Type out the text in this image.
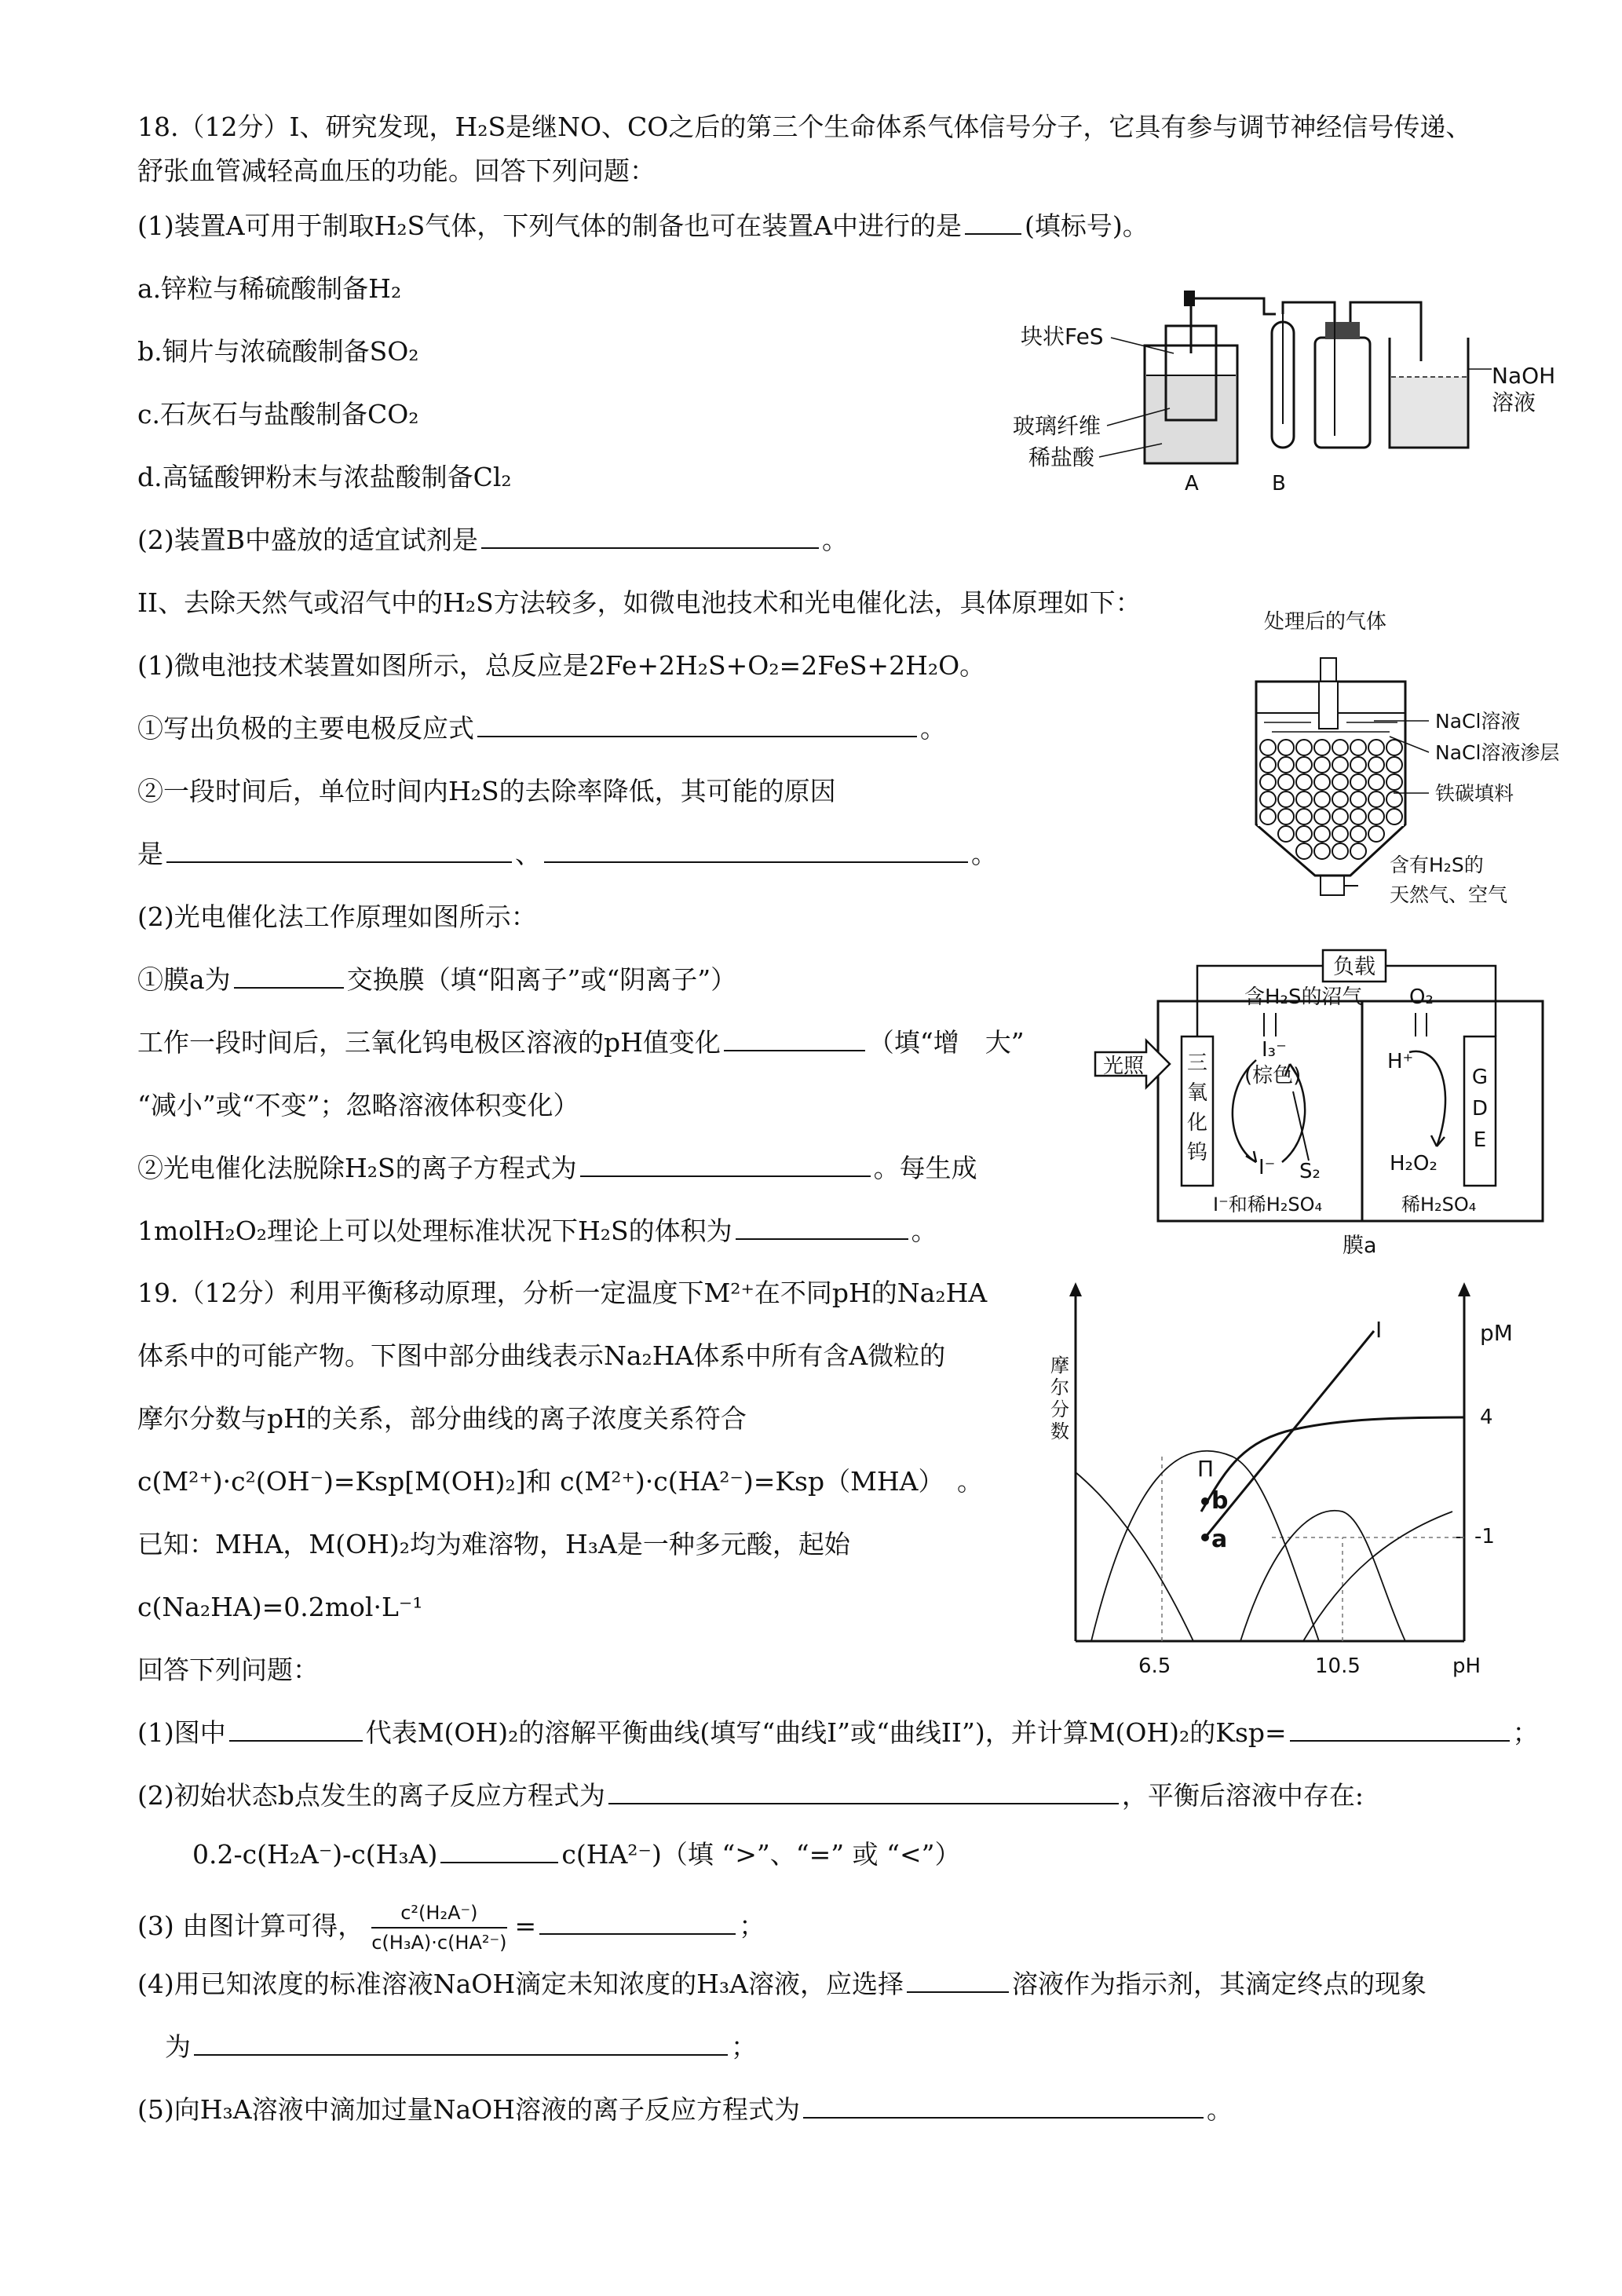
18.（12分）Ⅰ、研究发现，H₂S是继NO、CO之后的第三个生命体系气体信号分子，它具有参与调节神经信号传递、
舒张血管减轻高血压的功能。回答下列问题：
(1)装置A可用于制取H₂S气体，下列气体的制备也可在装置A中进行的是 (填标号)。
a.锌粒与稀硫酸制备H₂
b.铜片与浓硫酸制备SO₂
c.石灰石与盐酸制备CO₂
d.高锰酸钾粉末与浓盐酸制备Cl₂
(2)装置B中盛放的适宜试剂是	。
II、去除天然气或沼气中的H₂S方法较多，如微电池技术和光电催化法，具体原理如下：
(1)微电池技术装置如图所示，总反应是2Fe+2H₂S+O₂=2FeS+2H₂O。
①写出负极的主要电极反应式	。
②一段时间后，单位时间内H₂S的去除率降低，其可能的原因
是	、	。
(2)光电催化法工作原理如图所示：
①膜a为	交换膜（填“阳离子”或“阴离子”）
工作一段时间后，三氧化钨电极区溶液的pH值变化	（填“增　大”
“减小”或“不变”；忽略溶液体积变化）
②光电催化法脱除H₂S的离子方程式为	。每生成
1molH₂O₂理论上可以处理标准状况下H₂S的体积为	。
块状FeS
玻璃纤维
稀盐酸
NaOH
溶液
A	B
处理后的气体
NaCl溶液
NaCl溶液渗层
铁碳填料
含有H₂S的
天然气、空气
负载
含H₂S的沼气 O₂
三
氧
化
钨
光照	G
D
E
I₃⁻
(棕色)
I⁻ S₂
H⁺
H₂O₂
I⁻和稀H₂SO₄	稀H₂SO₄
膜a
19.（12分）利用平衡移动原理，分析一定温度下M²⁺在不同pH的Na₂HA
体系中的可能产物。下图中部分曲线表示Na₂HA体系中所有含A微粒的
摩尔分数与pH的关系，部分曲线的离子浓度关系符合
c(M²⁺)·c²(OH⁻)=Ksp[M(OH)₂]和 c(M²⁺)·c(HA²⁻)=Ksp（MHA）　。
已知：MHA，M(OH)₂均为难溶物，H₃A是一种多元酸，起始
c(Na₂HA)=0.2mol·L⁻¹
回答下列问题：
(1)图中	代表M(OH)₂的溶解平衡曲线(填写“曲线Ⅰ”或“曲线II”)，并计算M(OH)₂的Ksp=	；
(2)初始状态b点发生的离子反应方程式为	，平衡后溶液中存在:
0.2-c(H₂A⁻)-c(H₃A)	c(HA²⁻)（填 “>”、“=” 或 “<”）
(3) 由图计算可得， $\frac{\text{c²(H₂A⁻)}}{\text{c(H₃A)·c(HA²⁻)}}$ =	；
(4)用已知浓度的标准溶液NaOH滴定未知浓度的H₃A溶液，应选择	溶液作为指示剂，其滴定终点的现象
为	；
(5)向H₃A溶液中滴加过量NaOH溶液的离子反应方程式为	。
摩
尔
分
数
pM
4
-1
I
Π
b
a
6.5	10.5	pH
